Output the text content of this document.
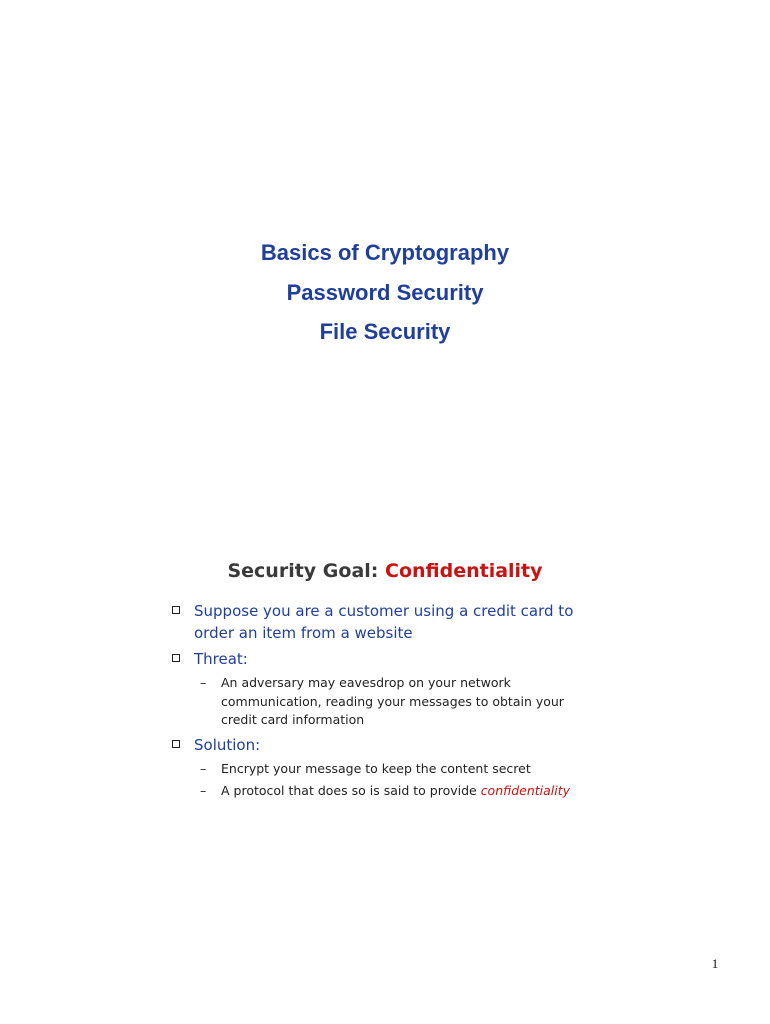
Basics of Cryptography
Password Security
File Security
Security Goal: Confidentiality
Suppose you are a customer using a credit card to order an item from a website
Threat:
– An adversary may eavesdrop on your network communication, reading your messages to obtain your credit card information
Solution:
– Encrypt your message to keep the content secret
– A protocol that does so is said to provide confidentiality
1
